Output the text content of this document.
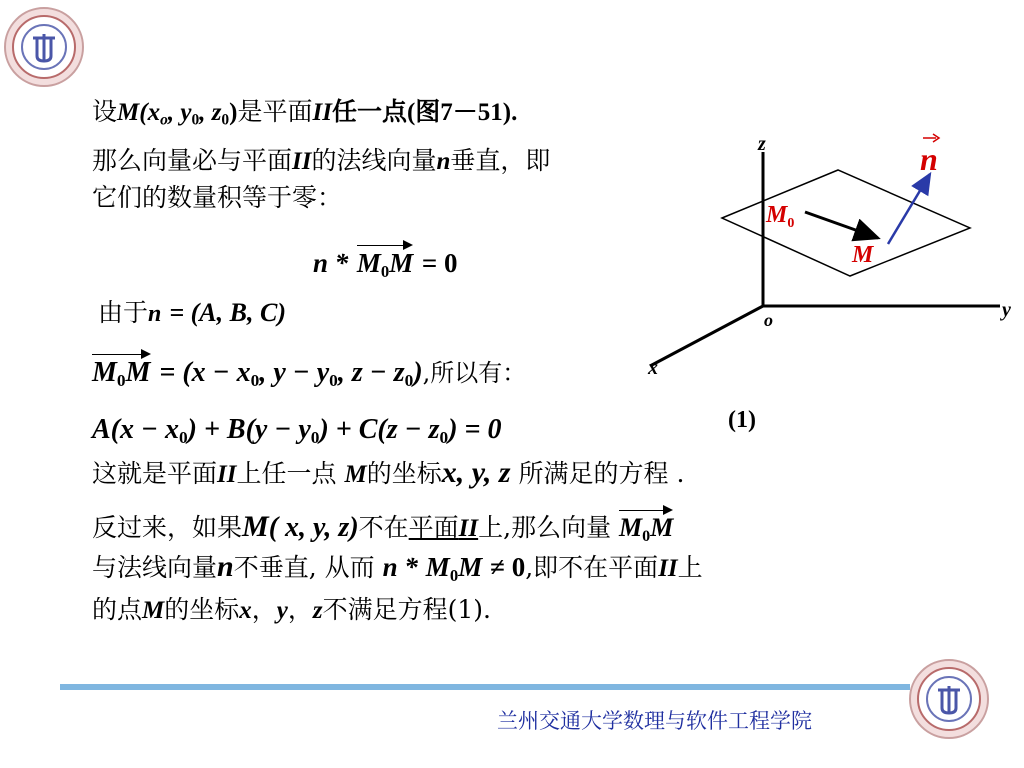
设$M(x_o$, $y_0$, $z_0$)是平面II任一点(图7－51).
那么向量必与平面II的法线向量n垂直，即
它们的数量积等于零：
$n * M_0M = 0$
由于n = (A, B, C)
$M_0M = (x - x_0$, $y - y_0$, $z - z_0$),所以有：
$A(x - x_0) + B(y - y_0) + C(z - z_0) = 0$	(1)
这就是平面II上任一点 M的坐标x, y, z 所满足的方程 .
反过来，如果M( x, y, z)不在平面II上,那么向量 $M_0M$
与法线向量n不垂直, 从而 $n * M_0M \ne 0$,即不在平面II上
的点M的坐标x，y，z不满足方程(1).
z
y
x
o
n
$M_0$
M
兰州交通大学数理与软件工程学院
